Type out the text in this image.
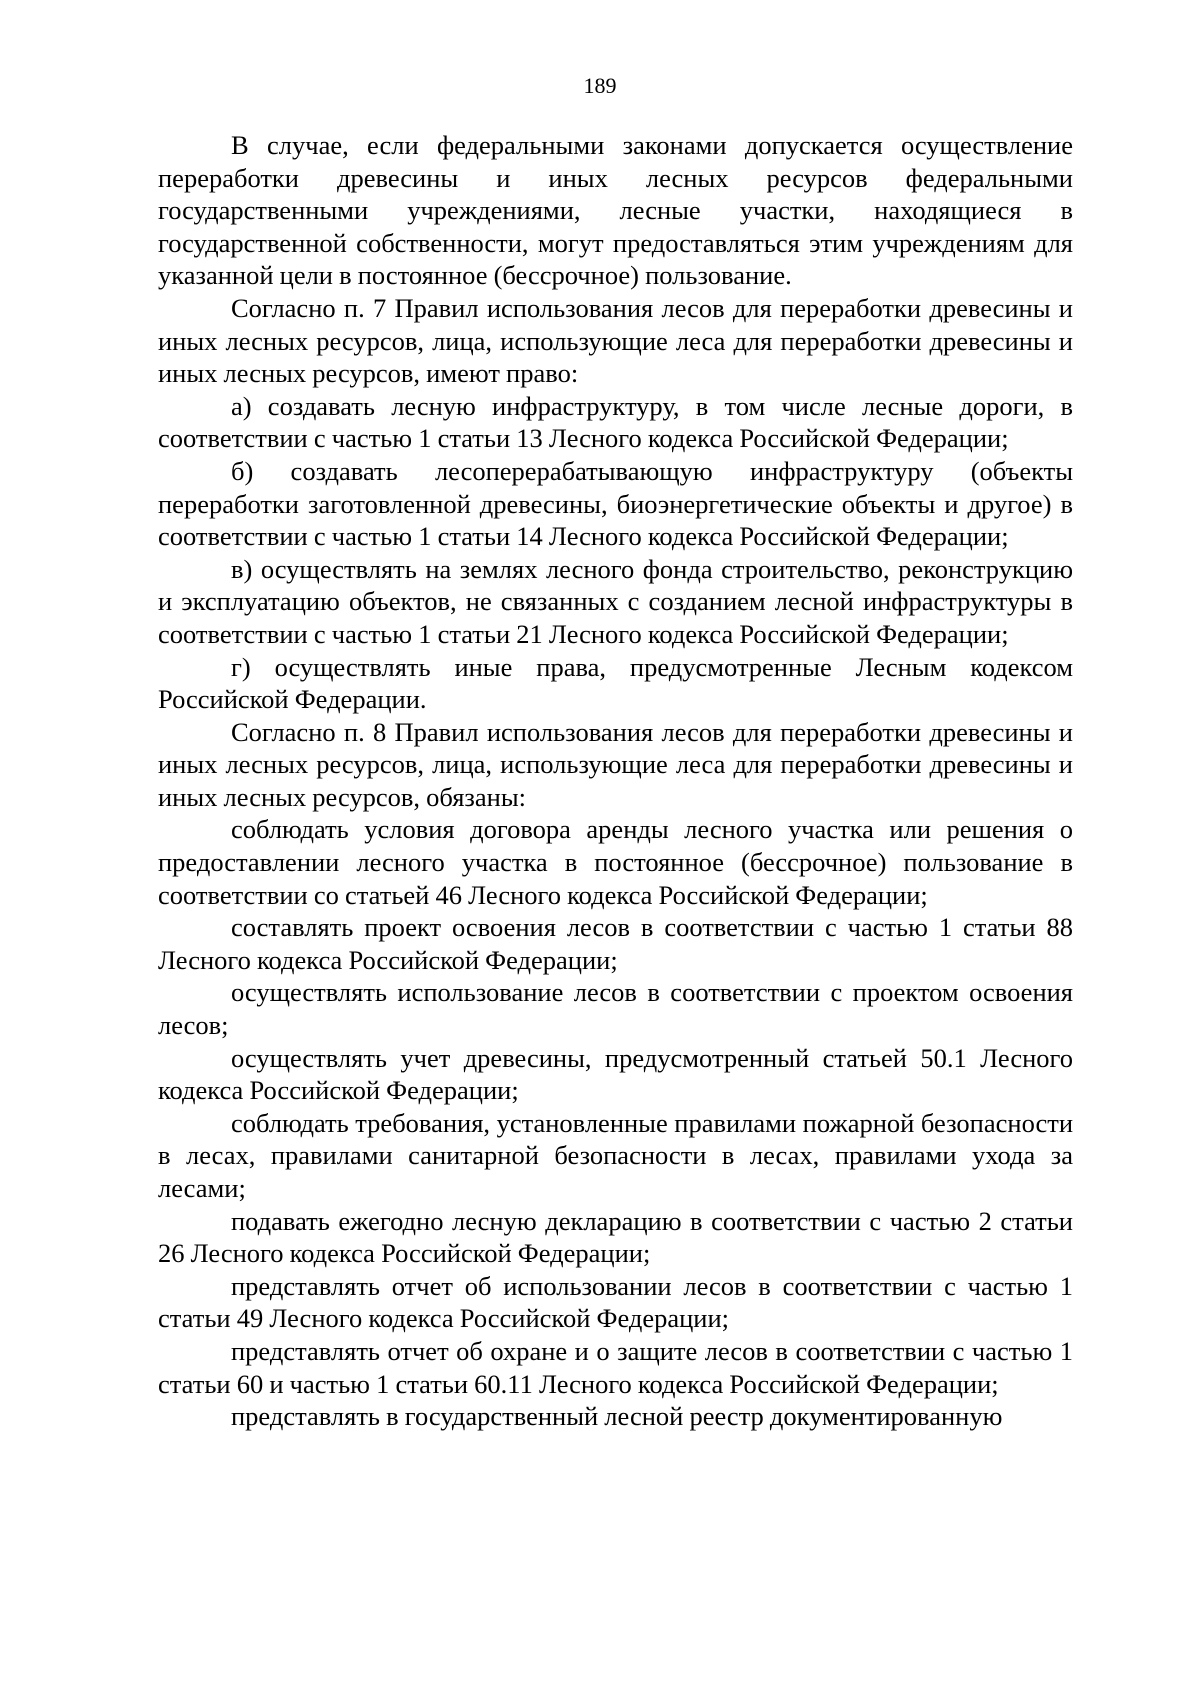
189

В случае, если федеральными законами допускается осуществление переработки древесины и иных лесных ресурсов федеральными государственными учреждениями, лесные участки, находящиеся в государственной собственности, могут предоставляться этим учреждениям для указанной цели в постоянное (бессрочное) пользование.

Согласно п. 7 Правил использования лесов для переработки древесины и иных лесных ресурсов, лица, использующие леса для переработки древесины и иных лесных ресурсов, имеют право:

а) создавать лесную инфраструктуру, в том числе лесные дороги, в соответствии с частью 1 статьи 13 Лесного кодекса Российской Федерации;

б) создавать лесоперерабатывающую инфраструктуру (объекты переработки заготовленной древесины, биоэнергетические объекты и другое) в соответствии с частью 1 статьи 14 Лесного кодекса Российской Федерации;

в) осуществлять на землях лесного фонда строительство, реконструкцию и эксплуатацию объектов, не связанных с созданием лесной инфраструктуры в соответствии с частью 1 статьи 21 Лесного кодекса Российской Федерации;

г) осуществлять иные права, предусмотренные Лесным кодексом Российской Федерации.

Согласно п. 8 Правил использования лесов для переработки древесины и иных лесных ресурсов, лица, использующие леса для переработки древесины и иных лесных ресурсов, обязаны:

соблюдать условия договора аренды лесного участка или решения о предоставлении лесного участка в постоянное (бессрочное) пользование в соответствии со статьей 46 Лесного кодекса Российской Федерации;

составлять проект освоения лесов в соответствии с частью 1 статьи 88 Лесного кодекса Российской Федерации;

осуществлять использование лесов в соответствии с проектом освоения лесов;

осуществлять учет древесины, предусмотренный статьей 50.1 Лесного кодекса Российской Федерации;

соблюдать требования, установленные правилами пожарной безопасности в лесах, правилами санитарной безопасности в лесах, правилами ухода за лесами;

подавать ежегодно лесную декларацию в соответствии с частью 2 статьи 26 Лесного кодекса Российской Федерации;

представлять отчет об использовании лесов в соответствии с частью 1 статьи 49 Лесного кодекса Российской Федерации;

представлять отчет об охране и о защите лесов в соответствии с частью 1 статьи 60 и частью 1 статьи 60.11 Лесного кодекса Российской Федерации;

представлять в государственный лесной реестр документированную
